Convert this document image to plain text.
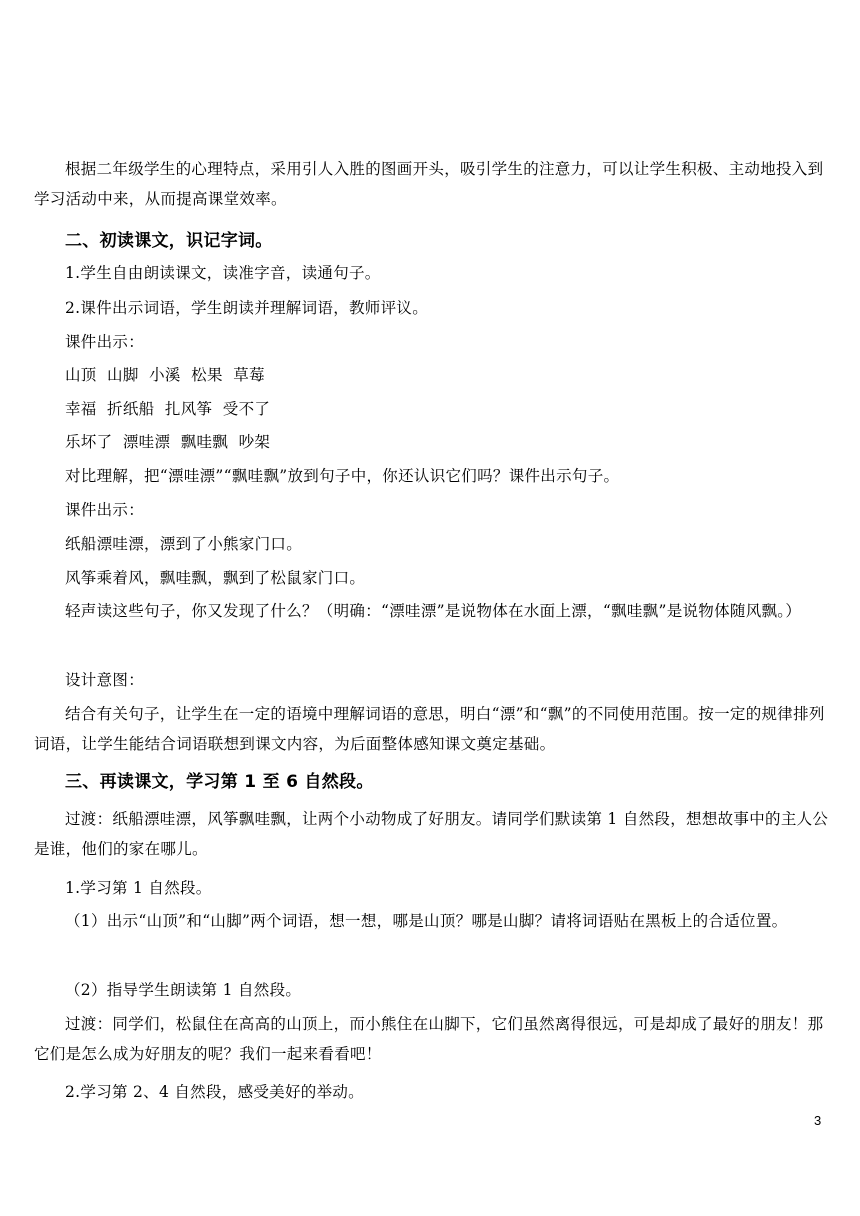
根据二年级学生的心理特点，采用引人入胜的图画开头，吸引学生的注意力，可以让学生积极、主动地投入到学习活动中来，从而提高课堂效率。
二、初读课文，识记字词。
1.学生自由朗读课文，读准字音，读通句子。
2.课件出示词语，学生朗读并理解词语，教师评议。
课件出示：
山顶  山脚  小溪  松果  草莓
幸福  折纸船  扎风筝  受不了
乐坏了  漂哇漂  飘哇飘  吵架
对比理解，把“漂哇漂”“飘哇飘”放到句子中，你还认识它们吗？课件出示句子。
课件出示：
纸船漂哇漂，漂到了小熊家门口。
风筝乘着风，飘哇飘，飘到了松鼠家门口。
轻声读这些句子，你又发现了什么？（明确：“漂哇漂”是说物体在水面上漂，“飘哇飘”是说物体随风飘。）
设计意图：
结合有关句子，让学生在一定的语境中理解词语的意思，明白“漂”和“飘”的不同使用范围。按一定的规律排列词语，让学生能结合词语联想到课文内容，为后面整体感知课文奠定基础。
三、再读课文，学习第 1 至 6 自然段。
过渡：纸船漂哇漂，风筝飘哇飘，让两个小动物成了好朋友。请同学们默读第 1 自然段，想想故事中的主人公是谁，他们的家在哪儿。
1.学习第 1 自然段。
（1）出示“山顶”和“山脚”两个词语，想一想，哪是山顶？哪是山脚？请将词语贴在黑板上的合适位置。
（2）指导学生朗读第 1 自然段。
过渡：同学们，松鼠住在高高的山顶上，而小熊住在山脚下，它们虽然离得很远，可是却成了最好的朋友！那它们是怎么成为好朋友的呢？我们一起来看看吧！
2.学习第 2、4 自然段，感受美好的举动。
3
